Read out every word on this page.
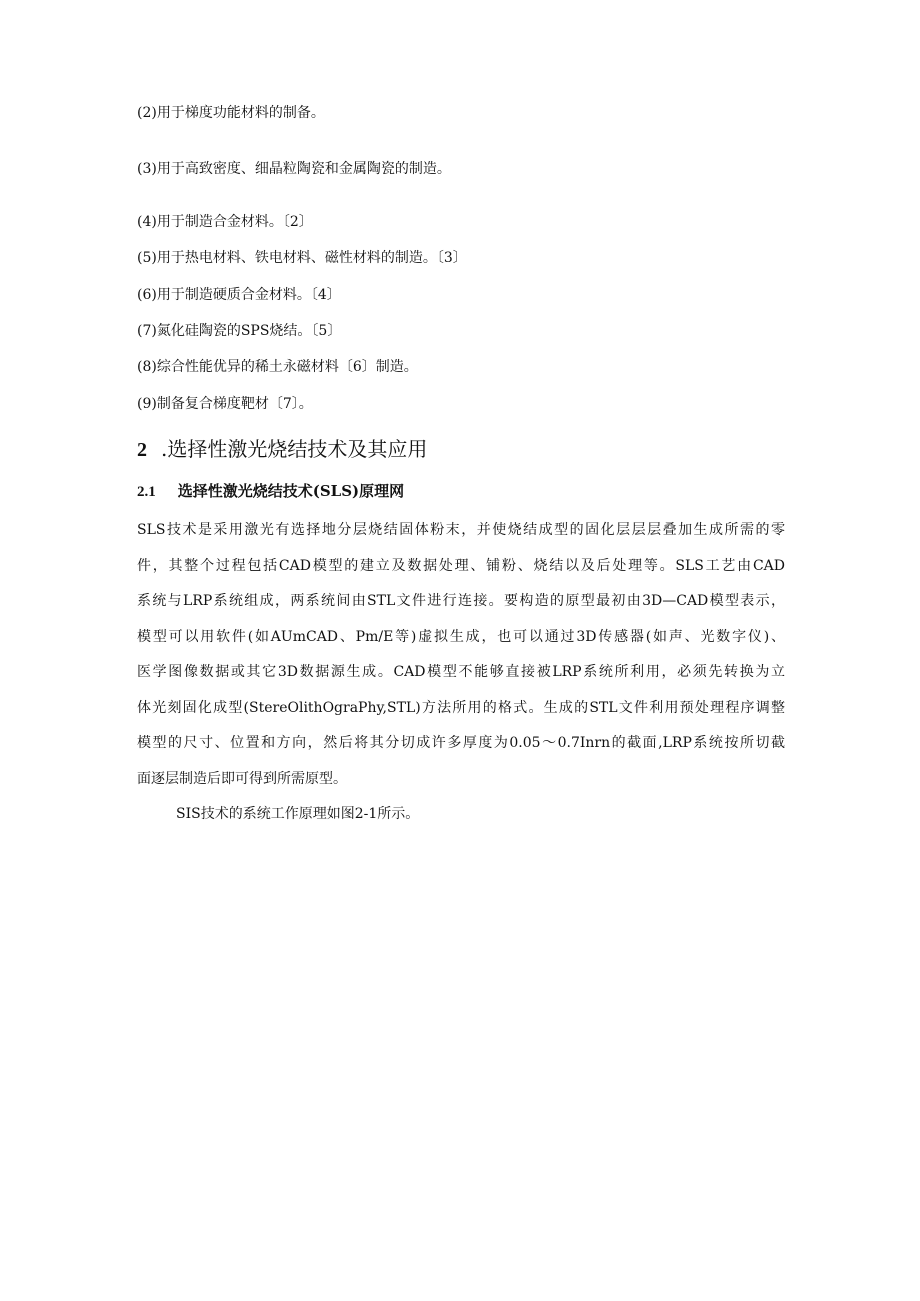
(2)用于梯度功能材料的制备。

(3)用于高致密度、细晶粒陶瓷和金属陶瓷的制造。

(4)用于制造合金材料。〔2〕

(5)用于热电材料、铁电材料、磁性材料的制造。〔3〕

(6)用于制造硬质合金材料。〔4〕

(7)氮化硅陶瓷的SPS烧结。〔5〕

(8)综合性能优异的稀土永磁材料〔6〕制造。

(9)制备复合梯度靶材〔7〕。

2 .选择性激光烧结技术及其应用
2.1 选择性激光烧结技术(SLS)原理网
SLS技术是采用激光有选择地分层烧结固体粉末，并使烧结成型的固化层层层叠加生成所需的零
件，其整个过程包括CAD模型的建立及数据处理、铺粉、烧结以及后处理等。SLS工艺由CAD
系统与LRP系统组成，两系统间由STL文件进行连接。要构造的原型最初由3D—CAD模型表示，
模型可以用软件(如AUmCAD、Pm/E等)虚拟生成，也可以通过3D传感器(如声、光数字仪)、
医学图像数据或其它3D数据源生成。CAD模型不能够直接被LRP系统所利用，必须先转换为立
体光刻固化成型(StereOlithOgraPhy,STL)方法所用的格式。生成的STL文件利用预处理程序调整
模型的尺寸、位置和方向，然后将其分切成许多厚度为0.05～0.7Inrn的截面,LRP系统按所切截
面逐层制造后即可得到所需原型。

SIS技术的系统工作原理如图2-1所示。
